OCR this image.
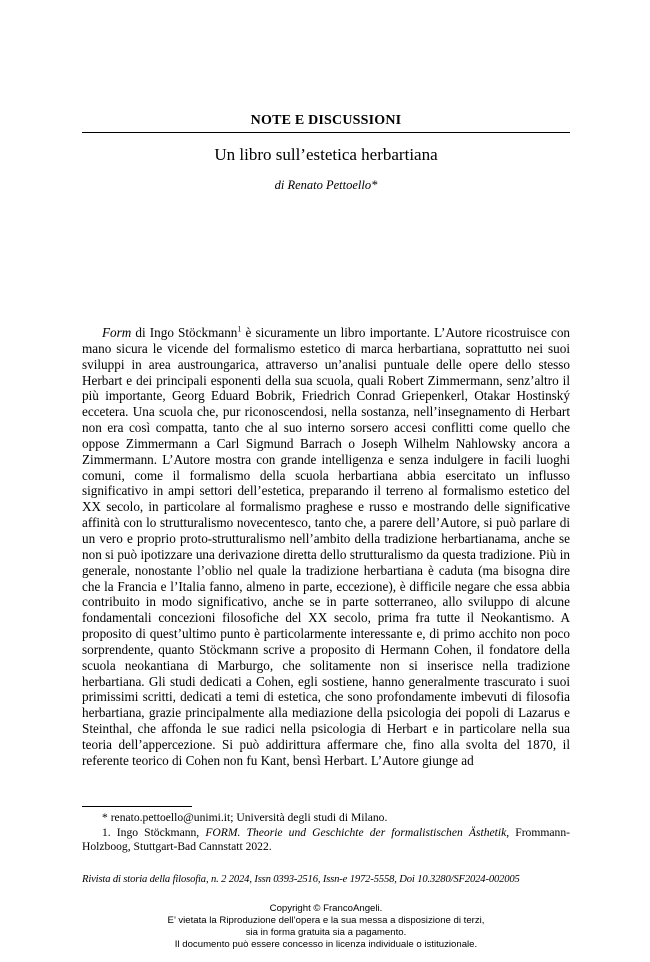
NOTE E DISCUSSIONI
Un libro sull’estetica herbartiana
di Renato Pettoello*
Form di Ingo Stöckmann$^1$ è sicuramente un libro importante. L’Autore ricostruisce con mano sicura le vicende del formalismo estetico di marca herbartiana, soprattutto nei suoi sviluppi in area austroungarica, attraverso un’analisi puntuale delle opere dello stesso Herbart e dei principali esponenti della sua scuola, quali Robert Zimmermann, senz’altro il più importante, Georg Eduard Bobrik, Friedrich Conrad Griepenkerl, Otakar Hostinský eccetera. Una scuola che, pur riconoscendosi, nella sostanza, nell’insegnamento di Herbart non era così compatta, tanto che al suo interno sorsero accesi conflitti come quello che oppose Zimmermann a Carl Sigmund Barrach o Joseph Wilhelm Nahlowsky ancora a Zimmermann. L’Autore mostra con grande intelligenza e senza indulgere in facili luoghi comuni, come il formalismo della scuola herbartiana abbia esercitato un influsso significativo in ampi settori dell’estetica, preparando il terreno al formalismo estetico del XX secolo, in particolare al formalismo praghese e russo e mostrando delle significative affinità con lo strutturalismo novecentesco, tanto che, a parere dell’Autore, si può parlare di un vero e proprio proto-strutturalismo nell’ambito della tradizione herbartianama, anche se non si può ipotizzare una derivazione diretta dello strutturalismo da questa tradizione. Più in generale, nonostante l’oblio nel quale la tradizione herbartiana è caduta (ma bisogna dire che la Francia e l’Italia fanno, almeno in parte, eccezione), è difficile negare che essa abbia contribuito in modo significativo, anche se in parte sotterraneo, allo sviluppo di alcune fondamentali concezioni filosofiche del XX secolo, prima fra tutte il Neokantismo. A proposito di quest’ultimo punto è particolarmente interessante e, di primo acchito non poco sorprendente, quanto Stöckmann scrive a proposito di Hermann Cohen, il fondatore della scuola neokantiana di Marburgo, che solitamente non si inserisce nella tradizione herbartiana. Gli studi dedicati a Cohen, egli sostiene, hanno generalmente trascurato i suoi primissimi scritti, dedicati a temi di estetica, che sono profondamente imbevuti di filosofia herbartiana, grazie principalmente alla mediazione della psicologia dei popoli di Lazarus e Steinthal, che affonda le sue radici nella psicologia di Herbart e in particolare nella sua teoria dell’appercezione. Si può addirittura affermare che, fino alla svolta del 1870, il referente teorico di Cohen non fu Kant, bensì Herbart. L’Autore giunge ad

* renato.pettoello@unimi.it; Università degli studi di Milano.

1. Ingo Stöckmann, FORM. Theorie und Geschichte der formalistischen Ästhetik, Frommann-Holzboog, Stuttgart-Bad Cannstatt 2022.

Rivista di storia della filosofia, n. 2 2024, Issn 0393-2516, Issn-e 1972-5558, Doi 10.3280/SF2024-002005
Copyright © FrancoAngeli.
E’ vietata la Riproduzione dell’opera e la sua messa a disposizione di terzi,
sia in forma gratuita sia a pagamento.
Il documento può essere concesso in licenza individuale o istituzionale.
